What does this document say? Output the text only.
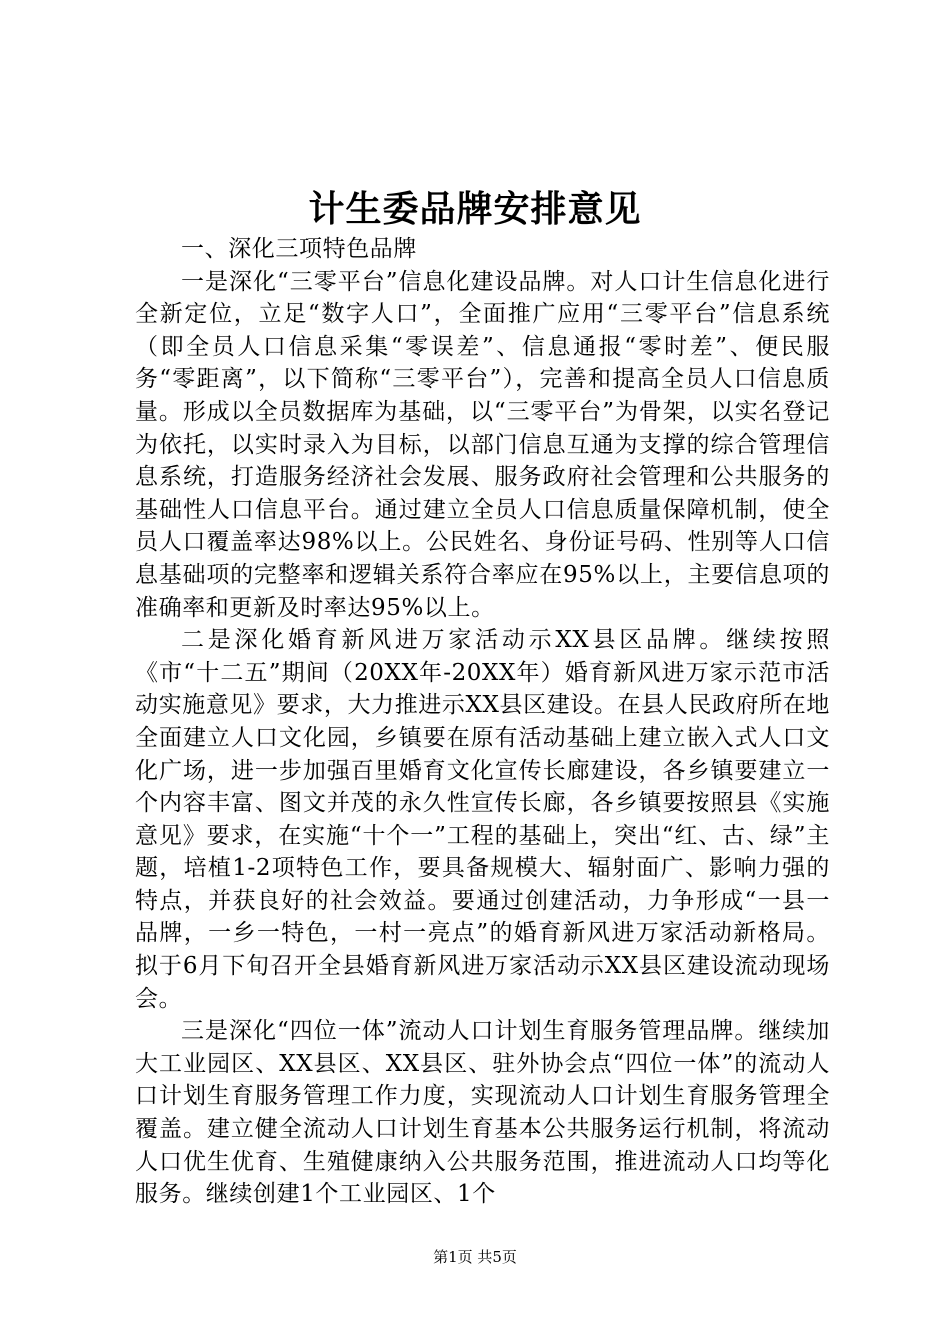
计生委品牌安排意见

一、深化三项特色品牌

一是深化“三零平台”信息化建设品牌。对人口计生信息化进行全新定位，立足“数字人口”，全面推广应用“三零平台”信息系统（即全员人口信息采集“零误差”、信息通报“零时差”、便民服务“零距离”，以下简称“三零平台”），完善和提高全员人口信息质量。形成以全员数据库为基础，以“三零平台”为骨架，以实名登记为依托，以实时录入为目标，以部门信息互通为支撑的综合管理信息系统，打造服务经济社会发展、服务政府社会管理和公共服务的基础性人口信息平台。通过建立全员人口信息质量保障机制，使全员人口覆盖率达98%以上。公民姓名、身份证号码、性别等人口信息基础项的完整率和逻辑关系符合率应在95%以上，主要信息项的准确率和更新及时率达95%以上。

二是深化婚育新风进万家活动示XX县区品牌。继续按照《市“十二五”期间（20XX年-20XX年）婚育新风进万家示范市活动实施意见》要求，大力推进示XX县区建设。在县人民政府所在地全面建立人口文化园，乡镇要在原有活动基础上建立嵌入式人口文化广场，进一步加强百里婚育文化宣传长廊建设，各乡镇要建立一个内容丰富、图文并茂的永久性宣传长廊，各乡镇要按照县《实施意见》要求，在实施“十个一”工程的基础上，突出“红、古、绿”主题，培植1-2项特色工作，要具备规模大、辐射面广、影响力强的特点，并获良好的社会效益。要通过创建活动，力争形成“一县一品牌，一乡一特色，一村一亮点”的婚育新风进万家活动新格局。拟于6月下旬召开全县婚育新风进万家活动示XX县区建设流动现场会。

三是深化“四位一体”流动人口计划生育服务管理品牌。继续加大工业园区、XX县区、XX县区、驻外协会点“四位一体”的流动人口计划生育服务管理工作力度，实现流动人口计划生育服务管理全覆盖。建立健全流动人口计划生育基本公共服务运行机制，将流动人口优生优育、生殖健康纳入公共服务范围，推进流动人口均等化服务。继续创建1个工业园区、1个

第1页 共5页
